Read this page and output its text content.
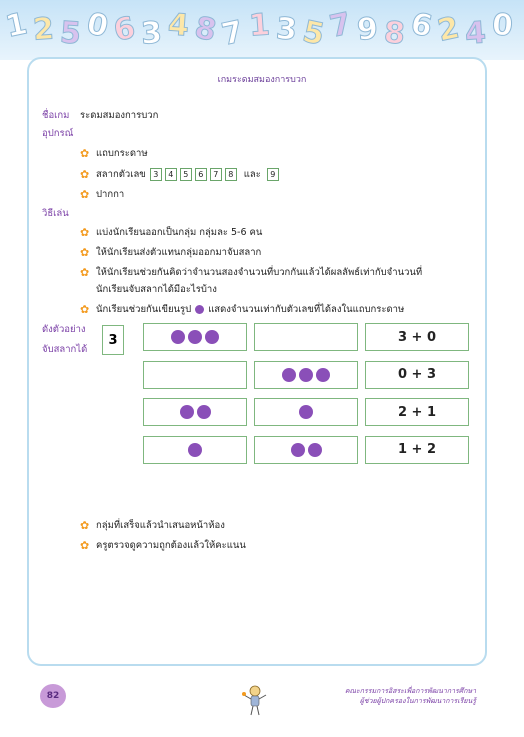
1 2 5 0 6 3 4 8 7 1 3 5 7 9 8 6 2 4 0
เกมระดมสมองการบวก
ชื่อเกม ระดมสมองการบวก
อุปกรณ์
✿ แถบกระดาษ
✿ สลากตัวเลข 3 4 5 6 7 8	และ	9
✿ ปากกา
วิธีเล่น
✿ แบ่งนักเรียนออกเป็นกลุ่ม กลุ่มละ 5-6 คน
✿ ให้นักเรียนส่งตัวแทนกลุ่มออกมาจับสลาก
✿ ให้นักเรียนช่วยกันคิดว่าจำนวนสองจำนวนที่บวกกันแล้วได้ผลลัพธ์เท่ากับจำนวนที่
นักเรียนจับสลากได้มีอะไรบ้าง
✿ นักเรียนช่วยกันเขียนรูป แสดงจำนวนเท่ากับตัวเลขที่ได้ลงในแถบกระดาษ
ดังตัวอย่าง
จับสลากได้
3	3 + 0
0 + 3
2 + 1
1 + 2
✿ กลุ่มที่เสร็จแล้วนำเสนอหน้าห้อง
✿ ครูตรวจดูความถูกต้องแล้วให้คะแนน
82	คณะกรรมการอิสระเพื่อการพัฒนาการศึกษา
ผู้ช่วยผู้ปกครองในการพัฒนาการเรียนรู้
